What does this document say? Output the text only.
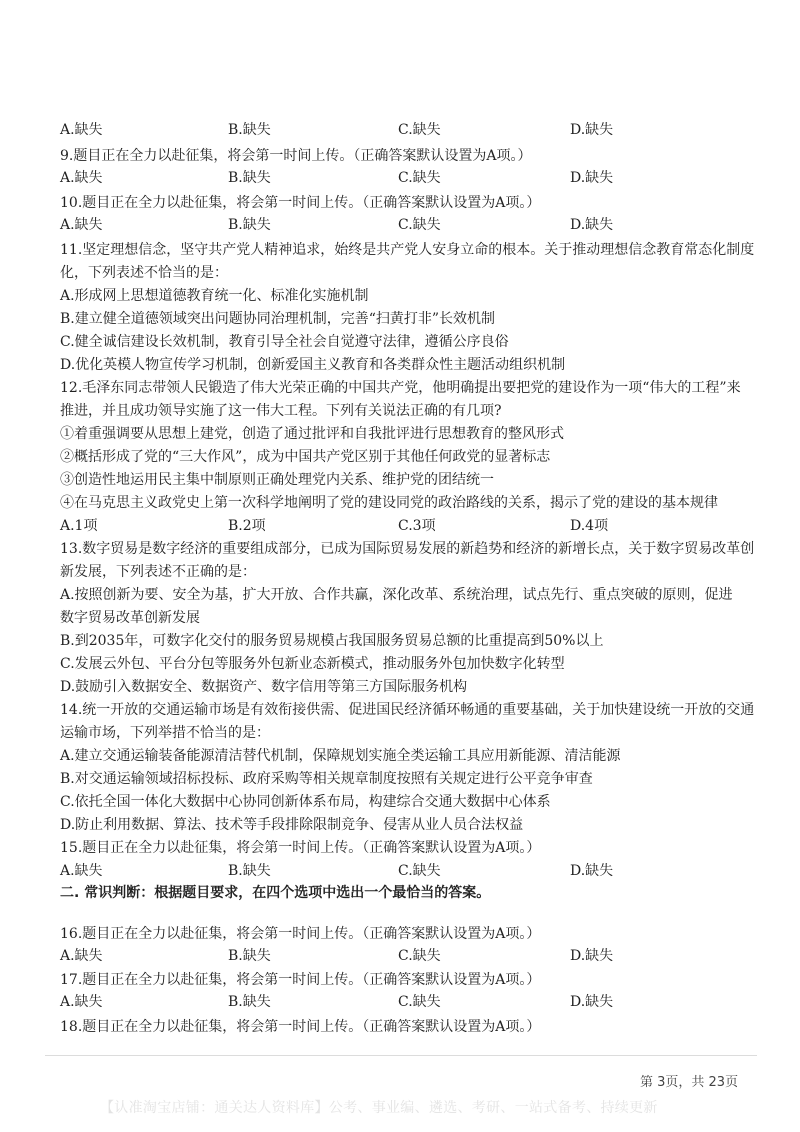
A.缺失	B.缺失	C.缺失	D.缺失
9.题目正在全力以赴征集，将会第一时间上传。（正确答案默认设置为A项。）
A.缺失	B.缺失	C.缺失	D.缺失
10.题目正在全力以赴征集，将会第一时间上传。（正确答案默认设置为A项。）
A.缺失	B.缺失	C.缺失	D.缺失
11.坚定理想信念，坚守共产党人精神追求，始终是共产党人安身立命的根本。关于推动理想信念教育常态化制度
化，下列表述不恰当的是：
A.形成网上思想道德教育统一化、标准化实施机制
B.建立健全道德领域突出问题协同治理机制，完善“扫黄打非”长效机制
C.健全诚信建设长效机制，教育引导全社会自觉遵守法律，遵循公序良俗
D.优化英模人物宣传学习机制，创新爱国主义教育和各类群众性主题活动组织机制
12.毛泽东同志带领人民锻造了伟大光荣正确的中国共产党，他明确提出要把党的建设作为一项“伟大的工程”来
推进，并且成功领导实施了这一伟大工程。下列有关说法正确的有几项?
①着重强调要从思想上建党，创造了通过批评和自我批评进行思想教育的整风形式
②概括形成了党的“三大作风”，成为中国共产党区别于其他任何政党的显著标志
③创造性地运用民主集中制原则正确处理党内关系、维护党的团结统一
④在马克思主义政党史上第一次科学地阐明了党的建设同党的政治路线的关系，揭示了党的建设的基本规律
A.1项	B.2项	C.3项	D.4项
13.数字贸易是数字经济的重要组成部分，已成为国际贸易发展的新趋势和经济的新增长点，关于数字贸易改革创
新发展，下列表述不正确的是：
A.按照创新为要、安全为基，扩大开放、合作共赢，深化改革、系统治理，试点先行、重点突破的原则，促进
数字贸易改革创新发展
B.到2035年，可数字化交付的服务贸易规模占我国服务贸易总额的比重提高到50%以上
C.发展云外包、平台分包等服务外包新业态新模式，推动服务外包加快数字化转型
D.鼓励引入数据安全、数据资产、数字信用等第三方国际服务机构
14.统一开放的交通运输市场是有效衔接供需、促进国民经济循环畅通的重要基础，关于加快建设统一开放的交通
运输市场，下列举措不恰当的是：
A.建立交通运输装备能源清洁替代机制，保障规划实施全类运输工具应用新能源、清洁能源
B.对交通运输领域招标投标、政府采购等相关规章制度按照有关规定进行公平竞争审查
C.依托全国一体化大数据中心协同创新体系布局，构建综合交通大数据中心体系
D.防止利用数据、算法、技术等手段排除限制竞争、侵害从业人员合法权益
15.题目正在全力以赴征集，将会第一时间上传。（正确答案默认设置为A项。）
A.缺失	B.缺失	C.缺失	D.缺失
二. 常识判断：根据题目要求，在四个选项中选出一个最恰当的答案。
16.题目正在全力以赴征集，将会第一时间上传。（正确答案默认设置为A项。）
A.缺失	B.缺失	C.缺失	D.缺失
17.题目正在全力以赴征集，将会第一时间上传。（正确答案默认设置为A项。）
A.缺失	B.缺失	C.缺失	D.缺失
18.题目正在全力以赴征集，将会第一时间上传。（正确答案默认设置为A项。）
第 3页，共 23页
【认准淘宝店铺：通关达人资料库】公考、事业编、遴选、考研、一站式备考、持续更新
